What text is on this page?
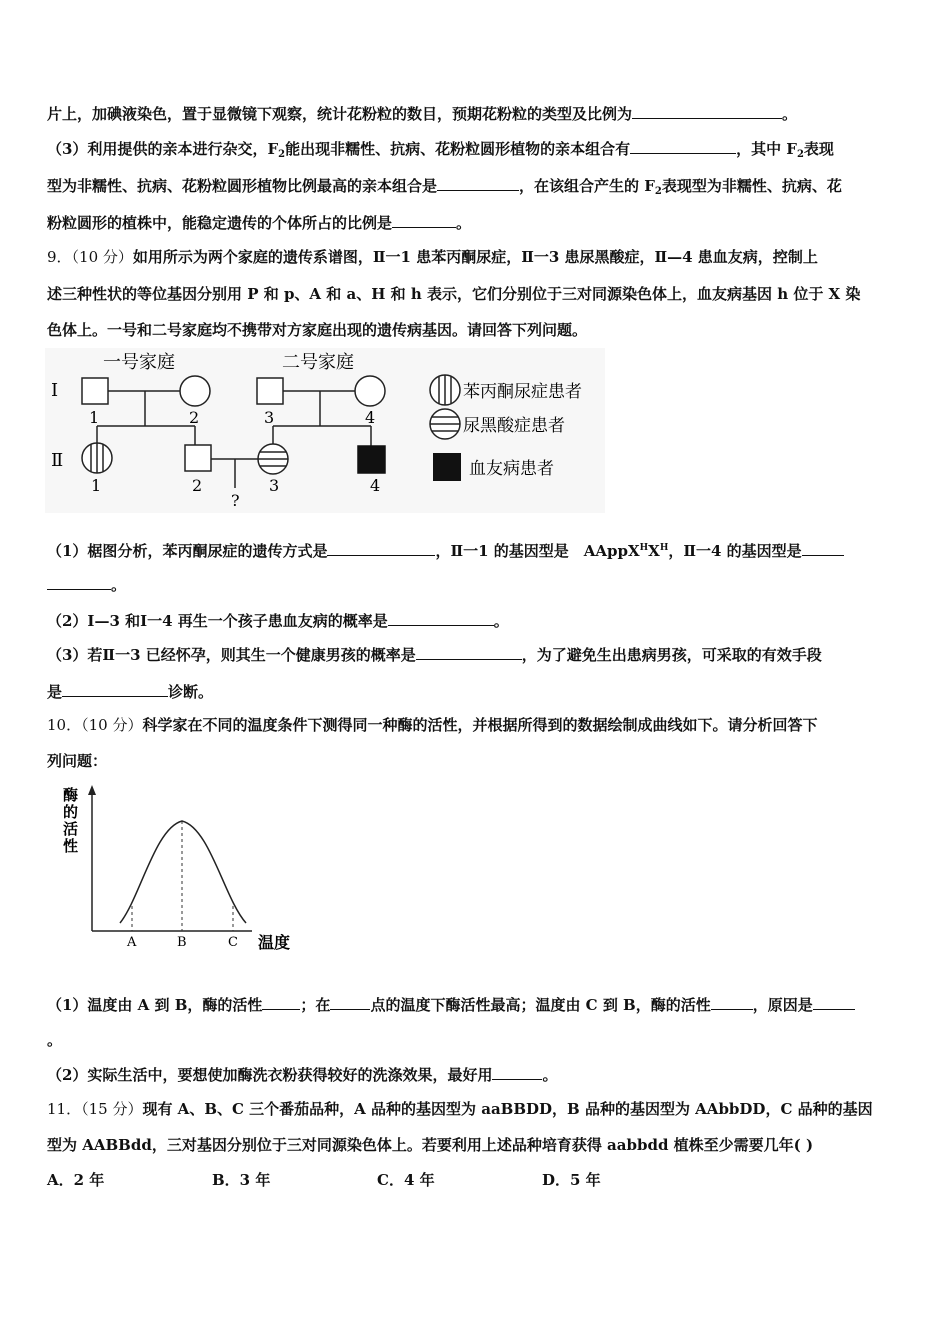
片上，加碘液染色，置于显微镜下观察，统计花粉粒的数目，预期花粉粒的类型及比例为	。
（3）利用提供的亲本进行杂交，$F_2$能出现非糯性、抗病、花粉粒圆形植物的亲本组合有	，其中 $F_2$表现
型为非糯性、抗病、花粉粒圆形植物比例最高的亲本组合是	，在该组合产生的 $F_2$表现型为非糯性、抗病、花
粉粒圆形的植株中，能稳定遗传的个体所占的比例是	。
9．（10 分）如用所示为两个家庭的遗传系谱图，Ⅱ一1 患苯丙酮尿症，Ⅱ一3 患尿黑酸症，Ⅱ—4 患血友病，控制上
述三种性状的等位基因分别用 P 和 p、A 和 a、H 和 h 表示，它们分别位于三对同源染色体上，血友病基因 h 位于 X 染
色体上。一号和二号家庭均不携带对方家庭出现的遗传病基因。请回答下列问题。
一号家庭	二号家庭
Ⅰ
Ⅱ
1	2	3	4
?
1	2	3	4
苯丙酮尿症患者
尿黑酸症患者
血友病患者
（1）椐图分析，苯丙酮尿症的遗传方式是	，Ⅱ一1 的基因型是　$AAppX^HX^H$，Ⅱ一4 的基因型是
。
（2）Ⅰ—3 和Ⅰ一4 再生一个孩子患血友病的概率是	。
（3）若Ⅱ一3 已经怀孕，则其生一个健康男孩的概率是	，为了避免生出患病男孩，可采取的有效手段
是	诊断。
10．（10 分）科学家在不同的温度条件下测得同一种酶的活性，并根据所得到的数据绘制成曲线如下。请分析回答下
列问题：
酶
的
活
性
A	B	C 温度
（1）温度由 A 到 B，酶的活性	；在	点的温度下酶活性最高；温度由 C 到 B，酶的活性	，原因是
。
（2）实际生活中，要想使加酶洗衣粉获得较好的洗涤效果，最好用	。
11．（15 分）现有 A、B、C 三个番茄品种，A 品种的基因型为 aaBBDD，B 品种的基因型为 AAbbDD，C 品种的基因
型为 AABBdd，三对基因分别位于三对同源染色体上。若要利用上述品种培育获得 aabbdd 植株至少需要几年( )
A．2 年	B．3 年	C．4 年	D．5 年
